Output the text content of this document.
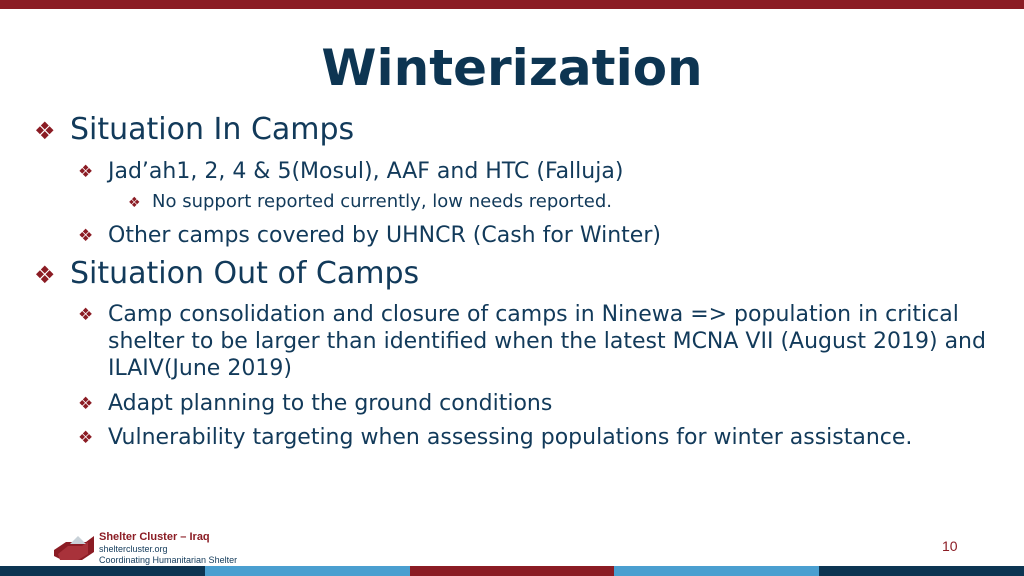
Winterization
❖ Situation In Camps
❖ Jad’ah1, 2, 4 & 5(Mosul), AAF and HTC (Falluja)
❖ No support reported currently, low needs reported.
❖ Other camps covered by UHNCR (Cash for Winter)
❖ Situation Out of Camps
❖ Camp consolidation and closure of camps in Ninewa => population in critical shelter to be larger than identified when the latest MCNA VII (August 2019) and ILAIV(June 2019)
❖ Adapt planning to the ground conditions
❖ Vulnerability targeting when assessing populations for winter assistance.
Shelter Cluster – Iraq
sheltercluster.org
Coordinating Humanitarian Shelter
10
